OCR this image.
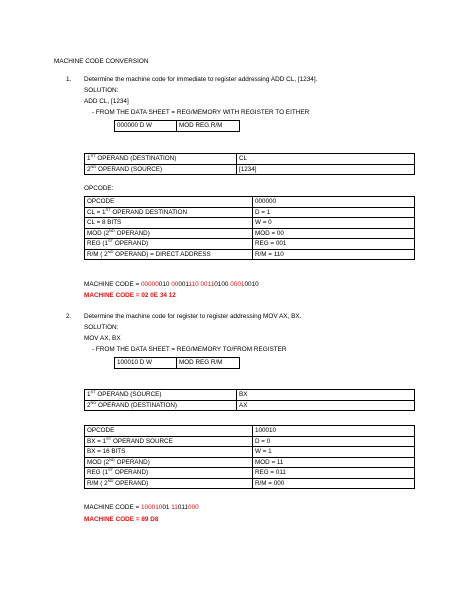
MACHINE CODE CONVERSION
1. Determine the machine code for immediate to register addressing ADD CL, [1234].
SOLUTION:
ADD CL, [1234]
- FROM THE DATA SHEET = REG/MEMORY WITH REGISTER TO EITHER
000000 D W	MOD REG R/M
1ST OPERAND (DESTINATION)	CL
2ND OPERAND (SOURCE)	[1234]
OPCODE:
OPCODE	000000
CL = 1ST OPERAND DESTINATION	D = 1
CL = 8 BITS	W = 0
MOD (2ND OPERAND)	MOD = 00
REG (1ST OPERAND)	REG = 001
R/M ( 2ND OPERAND) = DIRECT ADDRESS	R/M = 110
MACHINE CODE = 00000010 00001110 00110100 00010010
MACHINE CODE = 02 0E 34 12
2. Determine the machine code for register to register addressing MOV AX, BX.
SOLUTION:
MOV AX, BX
- FROM THE DATA SHEET = REG/MEMORY TO/FROM REGISTER
100010 D W	MOD REG R/M
1ST OPERAND (SOURCE)	BX
2ND OPERAND (DESTINATION)	AX
OPCODE	100010
BX = 1ST OPERAND SOURCE	D = 0
BX = 16 BITS	W = 1
MOD (2ND OPERAND)	MOD = 11
REG (1ST OPERAND)	REG = 011
R/M ( 2ND OPERAND)	R/M = 000
MACHINE CODE = 10001001 11011000
MACHINE CODE = 89 D8
